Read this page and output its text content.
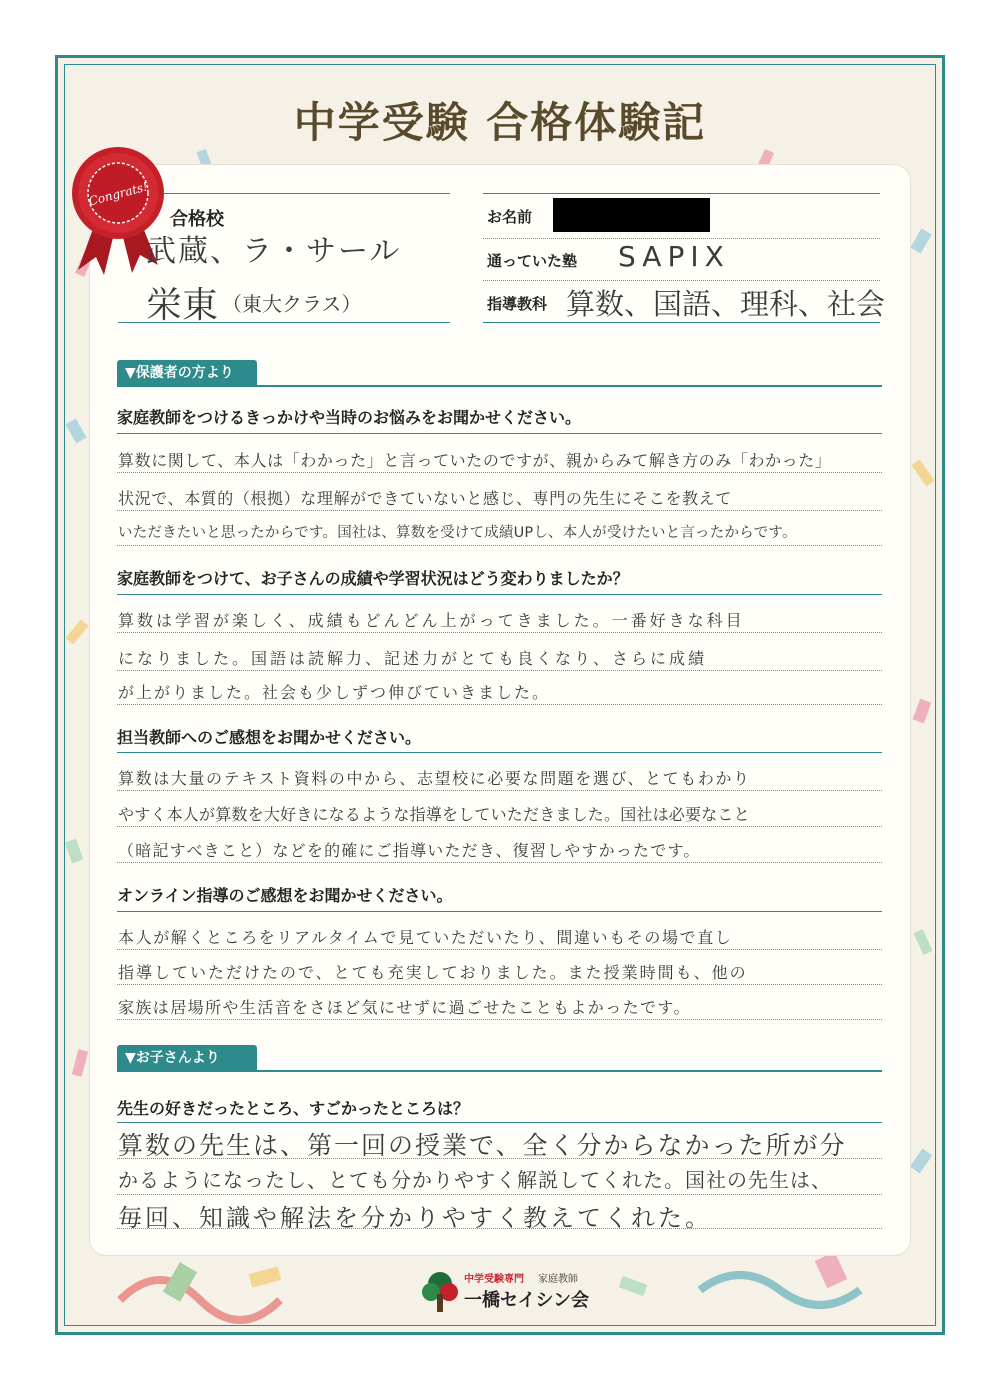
中学受験 合格体験記
Congrats!
合格校
武蔵、ラ・サール
栄東 （東大クラス）
お名前
通っていた塾 SAPIX
指導教科 算数、国語、理科、社会
▼保護者の方より
家庭教師をつけるきっかけや当時のお悩みをお聞かせください。
算数に関して、本人は「わかった」と言っていたのですが、親からみて解き方のみ「わかった」
状況で、本質的（根拠）な理解ができていないと感じ、専門の先生にそこを教えて
いただきたいと思ったからです。国社は、算数を受けて成績UPし、本人が受けたいと言ったからです。
家庭教師をつけて、お子さんの成績や学習状況はどう変わりましたか？
算数は学習が楽しく、成績もどんどん上がってきました。一番好きな科目
になりました。国語は読解力、記述力がとても良くなり、さらに成績
が上がりました。社会も少しずつ伸びていきました。
担当教師へのご感想をお聞かせください。
算数は大量のテキスト資料の中から、志望校に必要な問題を選び、とてもわかり
やすく本人が算数を大好きになるような指導をしていただきました。国社は必要なこと
（暗記すべきこと）などを的確にご指導いただき、復習しやすかったです。
オンライン指導のご感想をお聞かせください。
本人が解くところをリアルタイムで見ていただいたり、間違いもその場で直し
指導していただけたので、とても充実しておりました。また授業時間も、他の
家族は居場所や生活音をさほど気にせずに過ごせたこともよかったです。
▼お子さんより
先生の好きだったところ、すごかったところは？
算数の先生は、第一回の授業で、全く分からなかった所が分
かるようになったし、とても分かりやすく解説してくれた。国社の先生は、
毎回、知識や解法を分かりやすく教えてくれた。
中学受験専門 家庭教師
一橋セイシン会
